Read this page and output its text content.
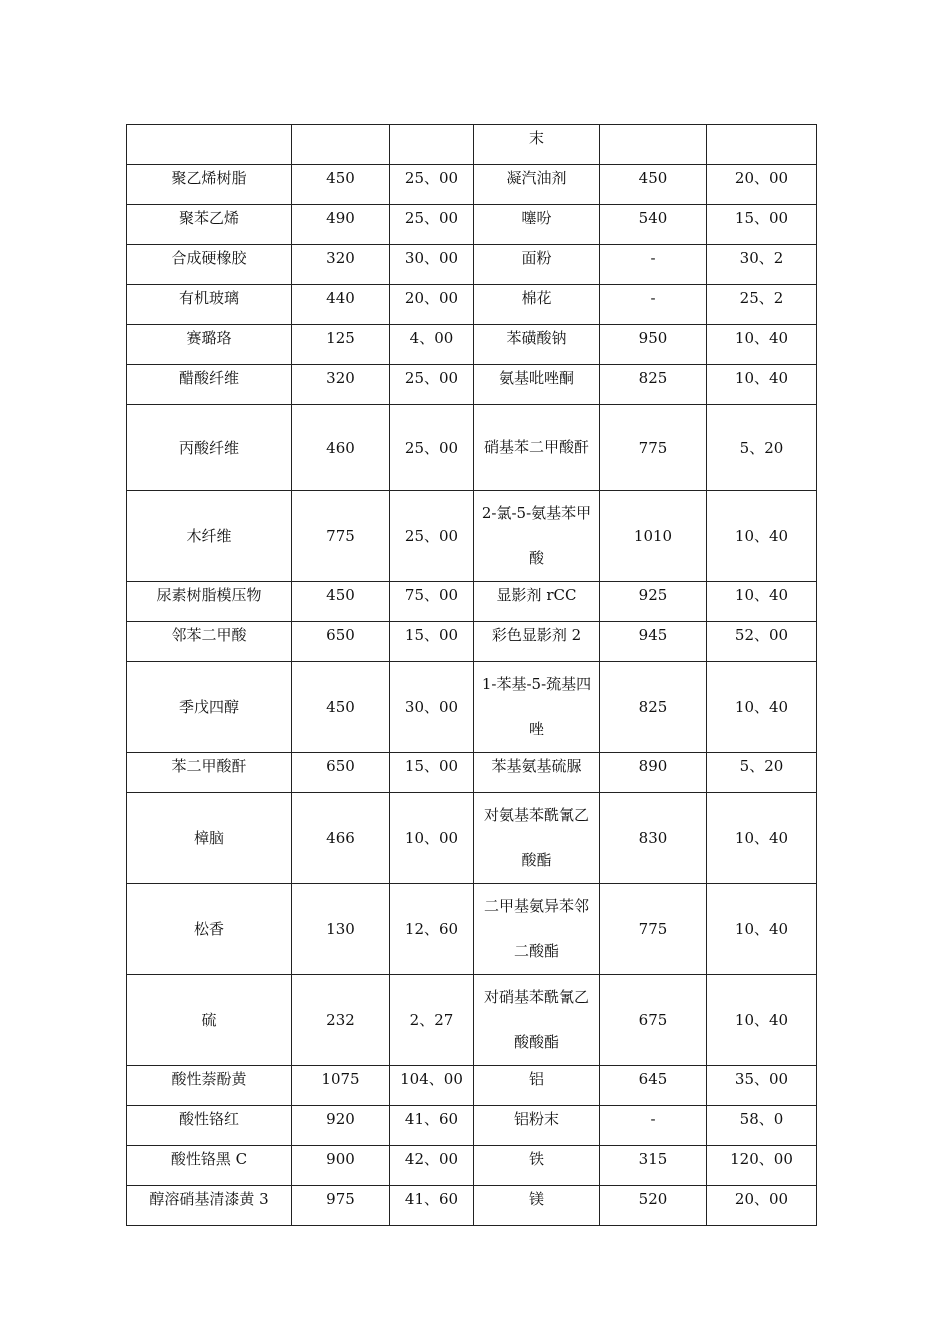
			末		
聚乙烯树脂	450	25、00	凝汽油剂	450	20、00
聚苯乙烯	490	25、00	噻吩	540	15、00
合成硬橡胶	320	30、00	面粉	-	30、2
有机玻璃	440	20、00	棉花	-	25、2
赛璐珞	125	4、00	苯磺酸钠	950	10、40
醋酸纤维	320	25、00	氨基吡唑酮	825	10、40
丙酸纤维	460	25、00	硝基苯二甲酸酐	775	5、20
木纤维	775	25、00	2-氯-5-氨基苯甲酸	1010	10、40
尿素树脂模压物	450	75、00	显影剂 rCC	925	10、40
邻苯二甲酸	650	15、00	彩色显影剂 2	945	52、00
季戊四醇	450	30、00	1-苯基-5-巯基四唑	825	10、40
苯二甲酸酐	650	15、00	苯基氨基硫脲	890	5、20
樟脑	466	10、00	对氨基苯酰氰乙酸酯	830	10、40
松香	130	12、60	二甲基氨异苯邻二酸酯	775	10、40
硫	232	2、27	对硝基苯酰氰乙酸酸酯	675	10、40
酸性萘酚黄	1075	104、00	铝	645	35、00
酸性铬红	920	41、60	铝粉末	-	58、0
酸性铬黑 C	900	42、00	铁	315	120、00
醇溶硝基清漆黄 3	975	41、60	镁	520	20、00
